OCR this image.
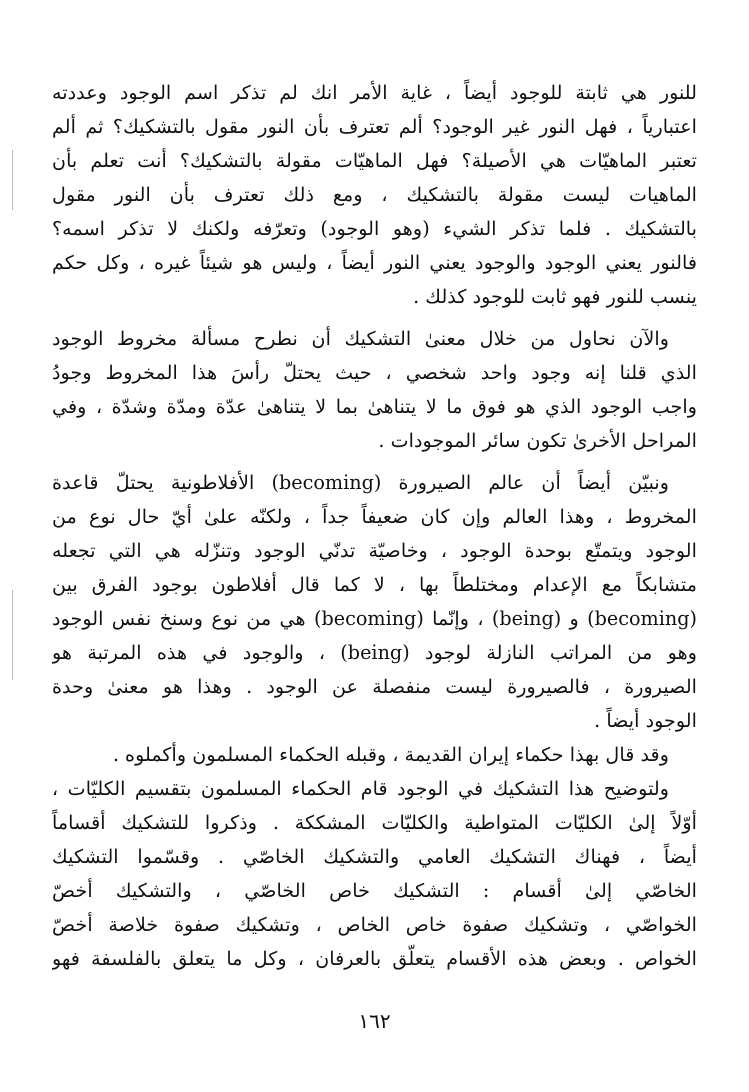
للنور هي ثابتة للوجود أيضاً ، غاية الأمر انك لم تذكر اسم الوجود وعددته
اعتبارياً ، فهل النور غير الوجود؟ ألم تعترف بأن النور مقول بالتشكيك؟ ثم ألم
تعتبر الماهيّات هي الأصيلة؟ فهل الماهيّات مقولة بالتشكيك؟ أنت تعلم بأن
الماهيات ليست مقولة بالتشكيك ، ومع ذلك تعترف بأن النور مقول
بالتشكيك . فلما تذكر الشيء (وهو الوجود) وتعرّفه ولكنك لا تذكر اسمه؟
فالنور يعني الوجود والوجود يعني النور أيضاً ، وليس هو شيئاً غيره ، وكل حكم
ينسب للنور فهو ثابت للوجود كذلك .
والآن نحاول من خلال معنىٰ التشكيك أن نطرح مسألة مخروط الوجود
الذي قلنا إنه وجود واحد شخصي ، حيث يحتلّ رأسَ هذا المخروط وجودُ
واجب الوجود الذي هو فوق ما لا يتناهىٰ بما لا يتناهىٰ عدّة ومدّة وشدّة ، وفي
المراحل الأخرىٰ تكون سائر الموجودات .
ونبيّن أيضاً أن عالم الصيرورة (becoming) الأفلاطونية يحتلّ قاعدة
المخروط ، وهذا العالم وإن كان ضعيفاً جداً ، ولكنّه علىٰ أيّ حال نوع من
الوجود ويتمتّع بوحدة الوجود ، وخاصيّة تدنّي الوجود وتنزّله هي التي تجعله
متشابكاً مع الإعدام ومختلطاً بها ، لا كما قال أفلاطون بوجود الفرق بين
(becoming) و (being) ، وإنّما (becoming) هي من نوع وسنخ نفس الوجود
وهو من المراتب النازلة لوجود (being) ، والوجود في هذه المرتبة هو
الصيرورة ، فالصيرورة ليست منفصلة عن الوجود . وهذا هو معنىٰ وحدة
الوجود أيضاً .
وقد قال بهذا حكماء إيران القديمة ، وقبله الحكماء المسلمون وأكملوه .
ولتوضيح هذا التشكيك في الوجود قام الحكماء المسلمون بتقسيم الكليّات ،
أوّلاً إلىٰ الكليّات المتواطية والكليّات المشككة . وذكروا للتشكيك أقساماً
أيضاً ، فهناك التشكيك العامي والتشكيك الخاصّي . وقسّموا التشكيك
الخاصّي إلىٰ أقسام : التشكيك خاص الخاصّي ، والتشكيك أخصّ
الخواصّي ، وتشكيك صفوة خاص الخاص ، وتشكيك صفوة خلاصة أخصّ
الخواص . وبعض هذه الأقسام يتعلّق بالعرفان ، وكل ما يتعلق بالفلسفة فهو
١٦٢
